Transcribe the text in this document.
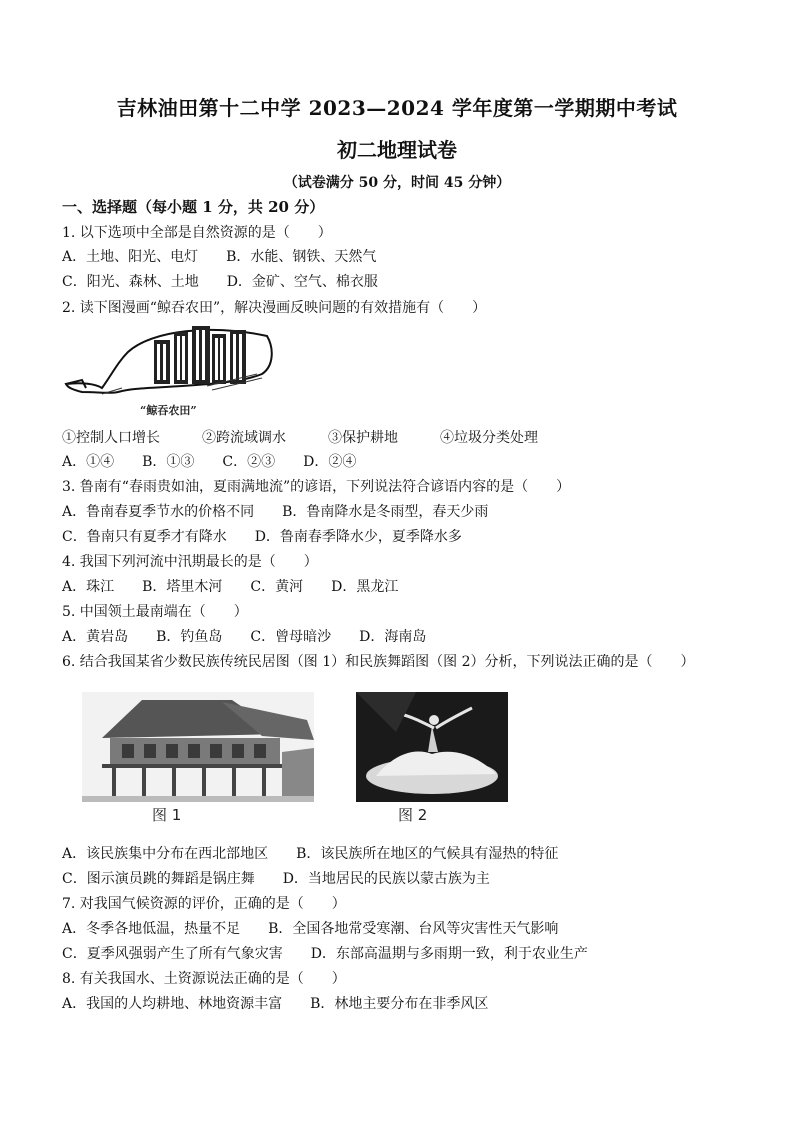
吉林油田第十二中学 2023—2024 学年度第一学期期中考试
初二地理试卷
（试卷满分 50 分，时间 45 分钟）
一、选择题（每小题 1 分，共 20 分）
1. 以下选项中全部是自然资源的是（　　）
A．土地、阳光、电灯　　B．水能、钢铁、天然气
C．阳光、森林、土地　　D．金矿、空气、棉衣服
2. 读下图漫画“鲸吞农田”，解决漫画反映问题的有效措施有（　　）
“鲸吞农田”
①控制人口增长　　　②跨流域调水　　　③保护耕地　　　④垃圾分类处理
A．①④　　B．①③　　C．②③　　D．②④
3. 鲁南有“春雨贵如油，夏雨满地流”的谚语，下列说法符合谚语内容的是（　　）
A．鲁南春夏季节水的价格不同　　B．鲁南降水是冬雨型，春天少雨
C．鲁南只有夏季才有降水　　D．鲁南春季降水少，夏季降水多
4. 我国下列河流中汛期最长的是（　　）
A．珠江　　B．塔里木河　　C．黄河　　D．黑龙江
5. 中国领土最南端在（　　）
A．黄岩岛　　B．钓鱼岛　　C．曾母暗沙　　D．海南岛
6. 结合我国某省少数民族传统民居图（图 1）和民族舞蹈图（图 2）分析，下列说法正确的是（　　）
图 1	图 2
A．该民族集中分布在西北部地区　　B．该民族所在地区的气候具有湿热的特征
C．图示演员跳的舞蹈是锅庄舞　　D．当地居民的民族以蒙古族为主
7. 对我国气候资源的评价，正确的是（　　）
A．冬季各地低温，热量不足　　B．全国各地常受寒潮、台风等灾害性天气影响
C．夏季风强弱产生了所有气象灾害　　D．东部高温期与多雨期一致，利于农业生产
8. 有关我国水、土资源说法正确的是（　　）
A．我国的人均耕地、林地资源丰富　　B．林地主要分布在非季风区
